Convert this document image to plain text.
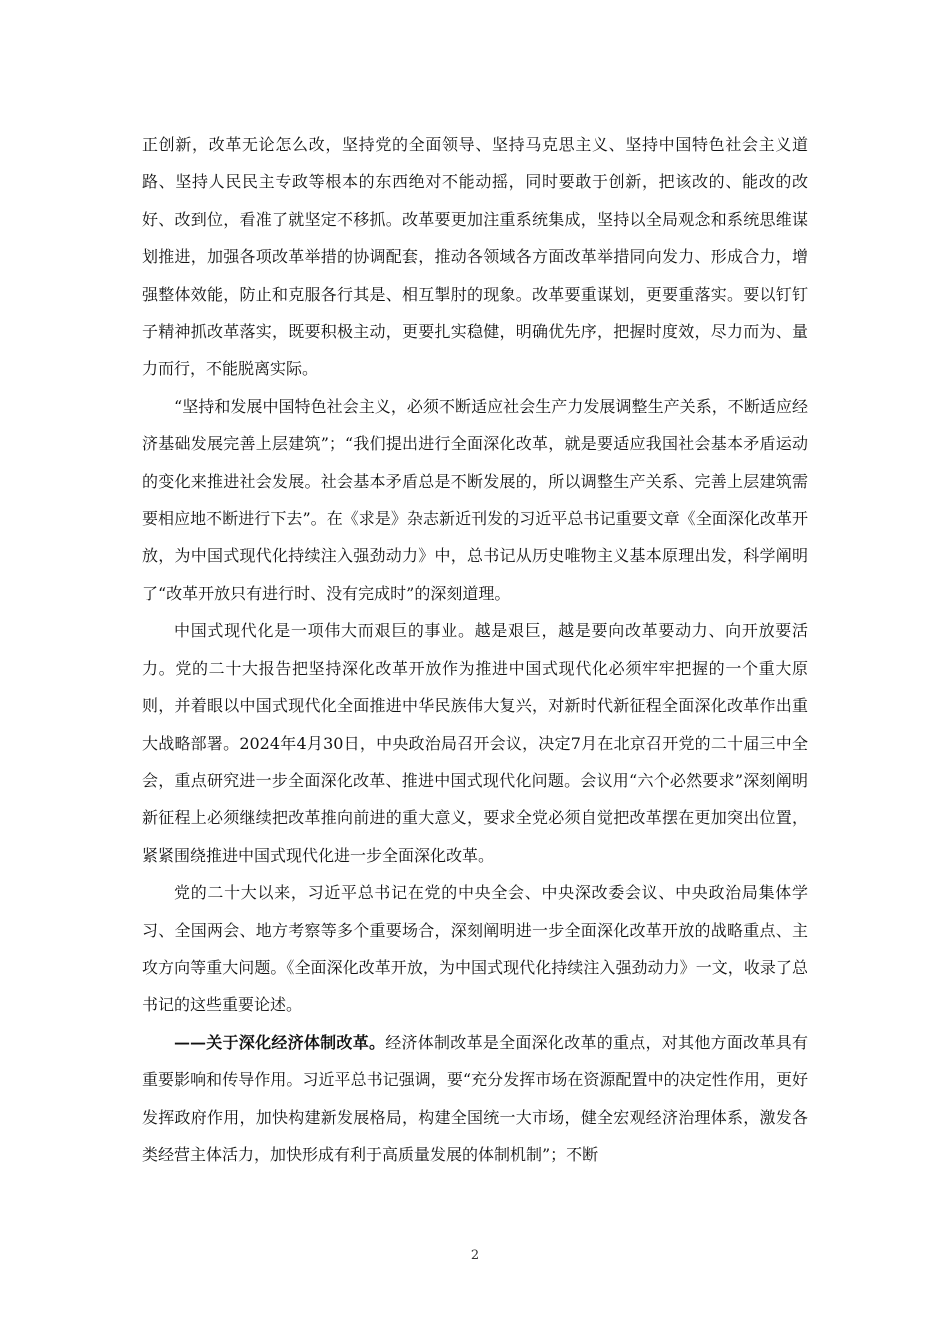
正创新，改革无论怎么改，坚持党的全面领导、坚持马克思主义、坚持中国特色社会主义道路、坚持人民民主专政等根本的东西绝对不能动摇，同时要敢于创新，把该改的、能改的改好、改到位，看准了就坚定不移抓。改革要更加注重系统集成，坚持以全局观念和系统思维谋划推进，加强各项改革举措的协调配套，推动各领域各方面改革举措同向发力、形成合力，增强整体效能，防止和克服各行其是、相互掣肘的现象。改革要重谋划，更要重落实。要以钉钉子精神抓改革落实，既要积极主动，更要扎实稳健，明确优先序，把握时度效，尽力而为、量力而行，不能脱离实际。

“坚持和发展中国特色社会主义，必须不断适应社会生产力发展调整生产关系，不断适应经济基础发展完善上层建筑”；“我们提出进行全面深化改革，就是要适应我国社会基本矛盾运动的变化来推进社会发展。社会基本矛盾总是不断发展的，所以调整生产关系、完善上层建筑需要相应地不断进行下去”。在《求是》杂志新近刊发的习近平总书记重要文章《全面深化改革开放，为中国式现代化持续注入强劲动力》中，总书记从历史唯物主义基本原理出发，科学阐明了“改革开放只有进行时、没有完成时”的深刻道理。

中国式现代化是一项伟大而艰巨的事业。越是艰巨，越是要向改革要动力、向开放要活力。党的二十大报告把坚持深化改革开放作为推进中国式现代化必须牢牢把握的一个重大原则，并着眼以中国式现代化全面推进中华民族伟大复兴，对新时代新征程全面深化改革作出重大战略部署。2024年4月30日，中央政治局召开会议，决定7月在北京召开党的二十届三中全会，重点研究进一步全面深化改革、推进中国式现代化问题。会议用“六个必然要求”深刻阐明新征程上必须继续把改革推向前进的重大意义，要求全党必须自觉把改革摆在更加突出位置，紧紧围绕推进中国式现代化进一步全面深化改革。

党的二十大以来，习近平总书记在党的中央全会、中央深改委会议、中央政治局集体学习、全国两会、地方考察等多个重要场合，深刻阐明进一步全面深化改革开放的战略重点、主攻方向等重大问题。《全面深化改革开放，为中国式现代化持续注入强劲动力》一文，收录了总书记的这些重要论述。

——关于深化经济体制改革。经济体制改革是全面深化改革的重点，对其他方面改革具有重要影响和传导作用。习近平总书记强调，要“充分发挥市场在资源配置中的决定性作用，更好发挥政府作用，加快构建新发展格局，构建全国统一大市场，健全宏观经济治理体系，激发各类经营主体活力，加快形成有利于高质量发展的体制机制”；不断

2
